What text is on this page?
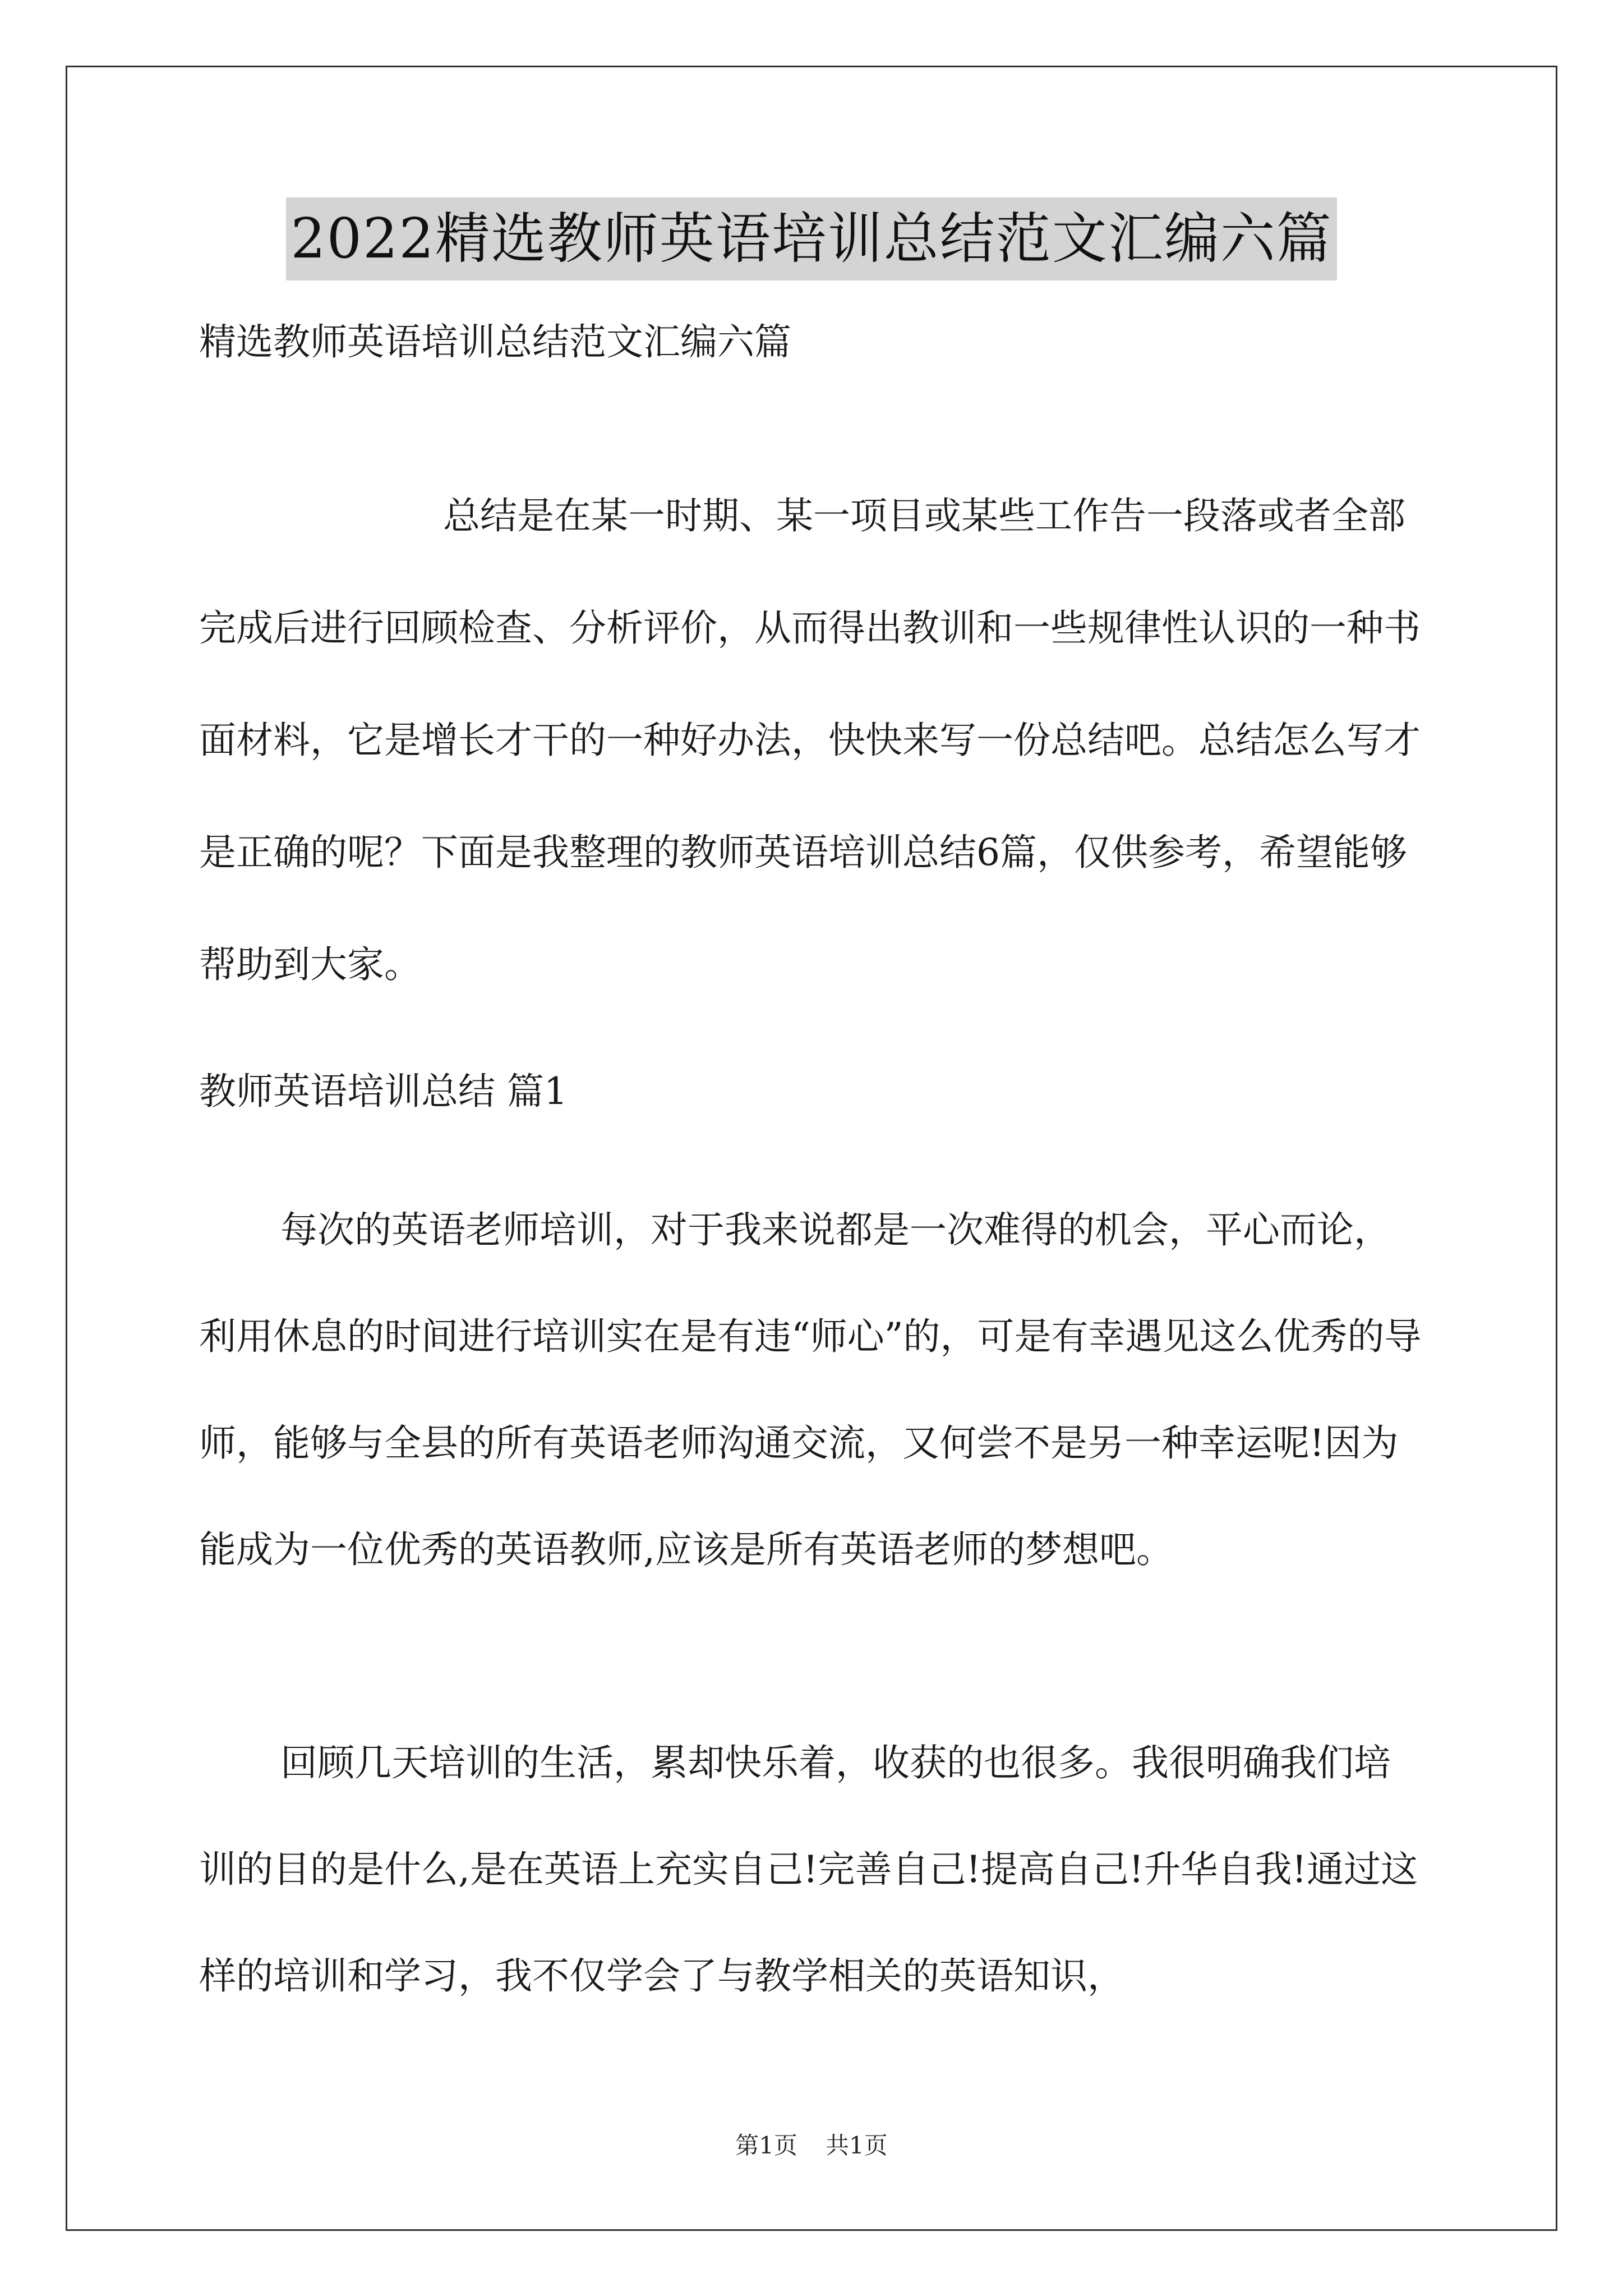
2022精选教师英语培训总结范文汇编六篇
精选教师英语培训总结范文汇编六篇
总结是在某一时期、某一项目或某些工作告一段落或者全部完成后进行回顾检查、分析评价，从而得出教训和一些规律性认识的一种书面材料，它是增长才干的一种好办法，快快来写一份总结吧。总结怎么写才是正确的呢？下面是我整理的教师英语培训总结6篇，仅供参考，希望能够帮助到大家。
教师英语培训总结 篇1
每次的英语老师培训，对于我来说都是一次难得的机会，平心而论，利用休息的时间进行培训实在是有违“师心”的，可是有幸遇见这么优秀的导师，能够与全县的所有英语老师沟通交流，又何尝不是另一种幸运呢!因为能成为一位优秀的英语教师,应该是所有英语老师的梦想吧。
回顾几天培训的生活，累却快乐着，收获的也很多。我很明确我们培训的目的是什么,是在英语上充实自己!完善自己!提高自己!升华自我!通过这样的培训和学习，我不仅学会了与教学相关的英语知识，
第1页 共1页
